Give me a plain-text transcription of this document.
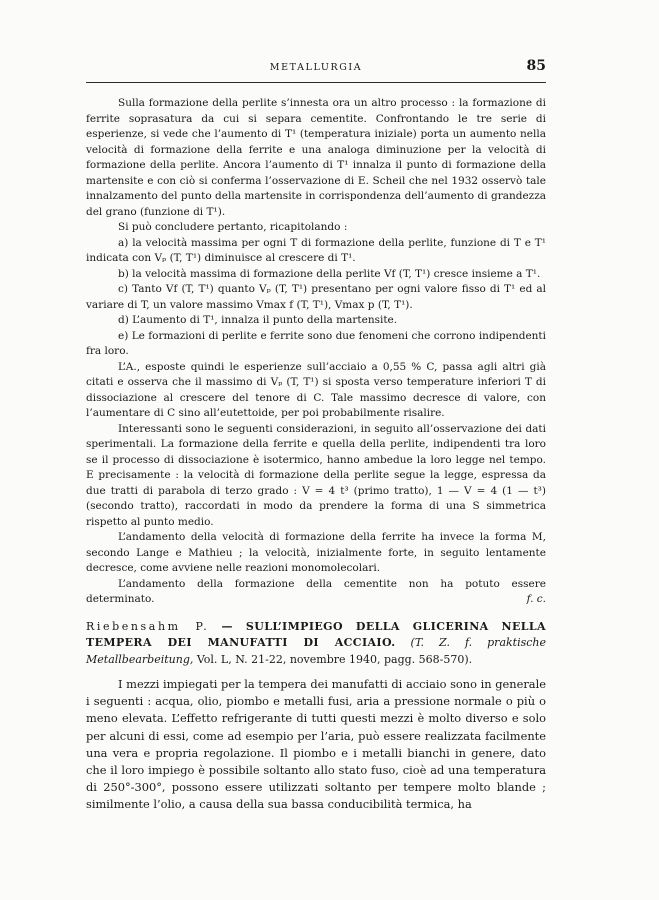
METALLURGIA	85

Sulla formazione della perlite s’innesta ora un altro processo : la formazione di ferrite soprasatura da cui si separa cementite. Confrontando le tre serie di esperienze, si vede che l’aumento di T¹ (temperatura iniziale) porta un aumento nella velocità di formazione della ferrite e una analoga diminuzione per la velocità di formazione della perlite. Ancora l’aumento di T¹ innalza il punto di formazione della martensite e con ciò si conferma l’osservazione di E. Scheil che nel 1932 osservò tale innalzamento del punto della martensite in corrispondenza dell’aumento di grandezza del grano (funzione di T¹).

Si può concludere pertanto, ricapitolando :

a) la velocità massima per ogni T di formazione della perlite, funzione di T e T¹ indicata con Vₚ (T, T¹) diminuisce al crescere di T¹.

b) la velocità massima di formazione della perlite Vf (T, T¹) cresce insieme a T¹.

c) Tanto Vf (T, T¹) quanto Vₚ (T, T¹) presentano per ogni valore fisso di T¹ ed al variare di T, un valore massimo Vmax f (T, T¹), Vmax p (T, T¹).

d) L’aumento di T¹, innalza il punto della martensite.

e) Le formazioni di perlite e ferrite sono due fenomeni che corrono indipendenti fra loro.

L’A., esposte quindi le esperienze sull’acciaio a 0,55 % C, passa agli altri già citati e osserva che il massimo di Vₚ (T, T¹) si sposta verso temperature inferiori T di dissociazione al crescere del tenore di C. Tale massimo decresce di valore, con l’aumentare di C sino all’eutettoide, per poi probabilmente risalire.

Interessanti sono le seguenti considerazioni, in seguito all’osservazione dei dati sperimentali. La formazione della ferrite e quella della perlite, indipendenti tra loro se il processo di dissociazione è isotermico, hanno ambedue la loro legge nel tempo. E precisamente : la velocità di formazione della perlite segue la legge, espressa da due tratti di parabola di terzo grado : V = 4 t³ (primo tratto), 1 — V = 4 (1 — t³) (secondo tratto), raccordati in modo da prendere la forma di una S simmetrica rispetto al punto medio.

L’andamento della velocità di formazione della ferrite ha invece la forma M, secondo Lange e Mathieu ; la velocità, inizialmente forte, in seguito lentamente decresce, come avviene nelle reazioni monomolecolari.

L’andamento della formazione della cementite non ha potuto essere determinato.	f. c.

Riebensahm P. — SULL’IMPIEGO DELLA GLICERINA NELLA TEMPERA DEI MANUFATTI DI ACCIAIO. (T. Z. f. praktische Metallbearbeitung, Vol. L, N. 21-22, novembre 1940, pagg. 568-570).

I mezzi impiegati per la tempera dei manufatti di acciaio sono in generale i seguenti : acqua, olio, piombo e metalli fusi, aria a pressione normale o più o meno elevata. L’effetto refrigerante di tutti questi mezzi è molto diverso e solo per alcuni di essi, come ad esempio per l’aria, può essere realizzata facilmente una vera e propria regolazione. Il piombo e i metalli bianchi in genere, dato che il loro impiego è possibile soltanto allo stato fuso, cioè ad una temperatura di 250°-300°, possono essere utilizzati soltanto per tempere molto blande ; similmente l’olio, a causa della sua bassa conducibilità termica, ha
